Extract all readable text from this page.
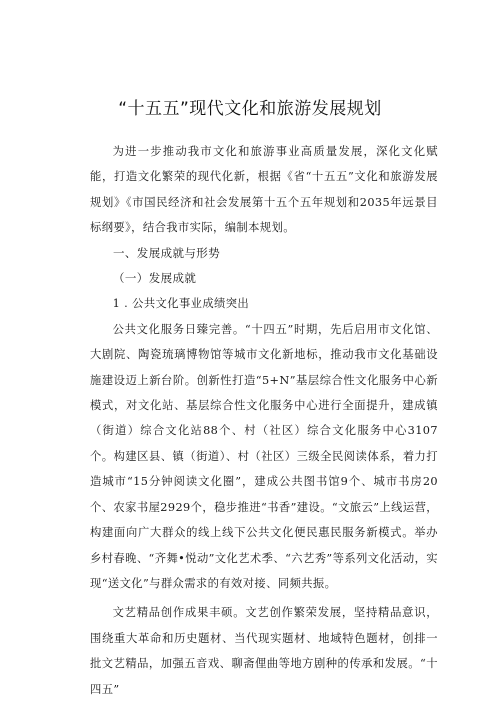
“十五五”现代文化和旅游发展规划

为进一步推动我市文化和旅游事业高质量发展，深化文化赋能，打造文化繁荣的现代化新，根据《省“十五五”文化和旅游发展规划》《市国民经济和社会发展第十五个五年规划和2035年远景目标纲要》，结合我市实际，编制本规划。

一、发展成就与形势

（一）发展成就

1 . 公共文化事业成绩突出

公共文化服务日臻完善。“十四五”时期，先后启用市文化馆、大剧院、陶瓷琉璃博物馆等城市文化新地标，推动我市文化基础设施建设迈上新台阶。创新性打造“5+N”基层综合性文化服务中心新模式，对文化站、基层综合性文化服务中心进行全面提升，建成镇（街道）综合文化站88个、村（社区）综合文化服务中心3107个。构建区县、镇（街道）、村（社区）三级全民阅读体系，着力打造城市“15分钟阅读文化圈”，建成公共图书馆9个、城市书房20个、农家书屋2929个，稳步推进“书香”建设。“文旅云”上线运营，构建面向广大群众的线上线下公共文化便民惠民服务新模式。举办乡村春晚、“齐舞•悦动”文化艺术季、“六艺秀”等系列文化活动，实现“送文化”与群众需求的有效对接、同频共振。

文艺精品创作成果丰硕。文艺创作繁荣发展，坚持精品意识，围绕重大革命和历史题材、当代现实题材、地域特色题材，创排一批文艺精品，加强五音戏、聊斋俚曲等地方剧种的传承和发展。“十四五”
